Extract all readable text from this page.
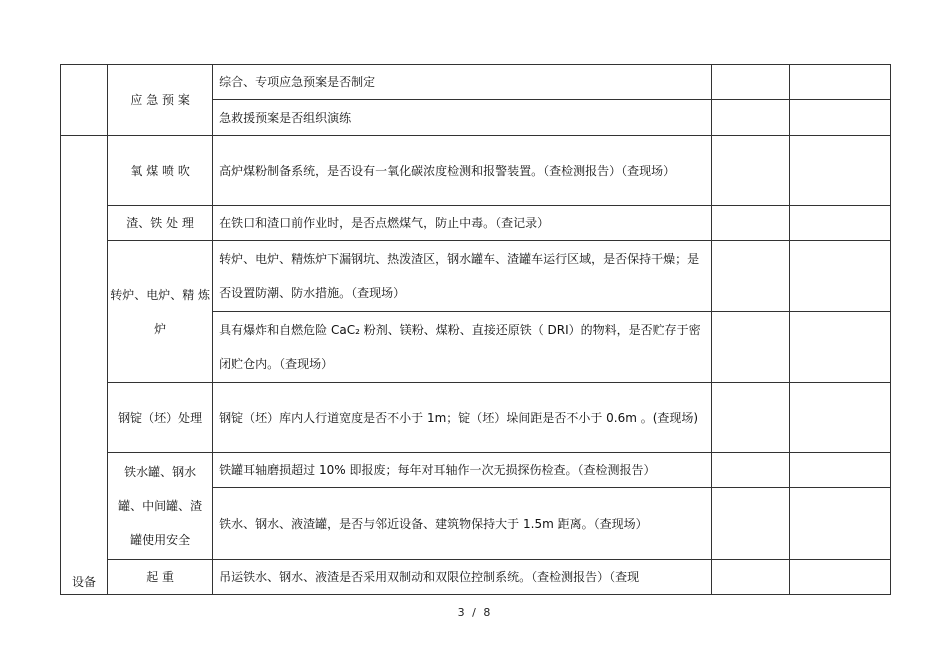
	应 急 预 案	综合、专项应急预案是否制定		
		急救援预案是否组织演练		
设备	氧 煤 喷 吹	高炉煤粉制备系统，是否设有一氧化碳浓度检测和报警装置。（查检测报告）（查现场）		
	渣、铁 处 理	在铁口和渣口前作业时，是否点燃煤气，防止中毒。（查记录）		
	转炉、电炉、精 炼 炉	转炉、电炉、精炼炉下漏钢坑、热泼渣区，钢水罐车、渣罐车运行区域，是否保持干燥；是否设置防潮、防水措施。（查现场）		
		具有爆炸和自燃危险 CaC₂ 粉剂、镁粉、煤粉、直接还原铁（ DRI）的物料，是否贮存于密闭贮仓内。（查现场）		
	钢锭（坯）处理	钢锭（坯）库内人行道宽度是否不小于 1m；锭（坯）垛间距是否不小于 0.6m 。(查现场)		
	铁水罐、钢水罐、中间罐、渣罐使用安全	铁罐耳轴磨损超过 10% 即报废；每年对耳轴作一次无损探伤检查。（查检测报告）		
		铁水、钢水、液渣罐，是否与邻近设备、建筑物保持大于 1.5m 距离。（查现场）		
	起 重	吊运铁水、钢水、液渣是否采用双制动和双限位控制系统。（查检测报告）（查现		
3 / 8
